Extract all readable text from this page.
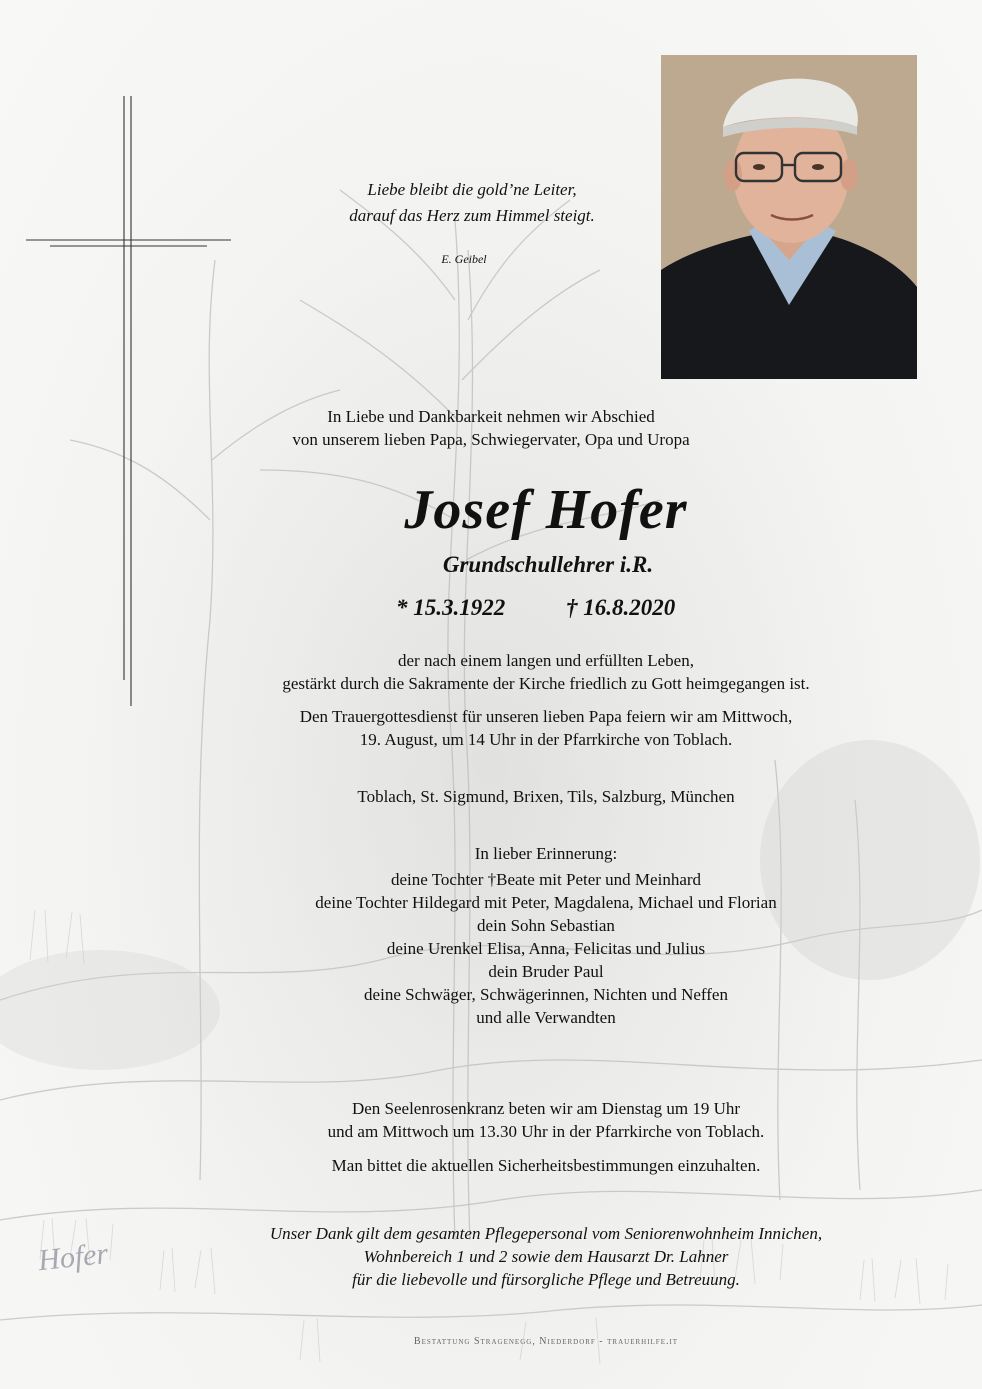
Liebe bleibt die gold’ne Leiter,
darauf das Herz zum Himmel steigt.
E. Geibel
In Liebe und Dankbarkeit nehmen wir Abschied
von unserem lieben Papa, Schwiegervater, Opa und Uropa
Josef Hofer
Grundschullehrer i.R.
* 15.3.1922	† 16.8.2020
der nach einem langen und erfüllten Leben,
gestärkt durch die Sakramente der Kirche friedlich zu Gott heimgegangen ist.
Den Trauergottesdienst für unseren lieben Papa feiern wir am Mittwoch,
19. August, um 14 Uhr in der Pfarrkirche von Toblach.
Toblach, St. Sigmund, Brixen, Tils, Salzburg, München
In lieber Erinnerung:
deine Tochter †Beate mit Peter und Meinhard
deine Tochter Hildegard mit Peter, Magdalena, Michael und Florian
dein Sohn Sebastian
deine Urenkel Elisa, Anna, Felicitas und Julius
dein Bruder Paul
deine Schwäger, Schwägerinnen, Nichten und Neffen
und alle Verwandten
Den Seelenrosenkranz beten wir am Dienstag um 19 Uhr
und am Mittwoch um 13.30 Uhr in der Pfarrkirche von Toblach.
Man bittet die aktuellen Sicherheitsbestimmungen einzuhalten.
Unser Dank gilt dem gesamten Pflegepersonal vom Seniorenwohnheim Innichen,
Wohnbereich 1 und 2 sowie dem Hausarzt Dr. Lahner
für die liebevolle und fürsorgliche Pflege und Betreuung.
Hofer
Bestattung Stragenegg, Niederdorf - trauerhilfe.it
